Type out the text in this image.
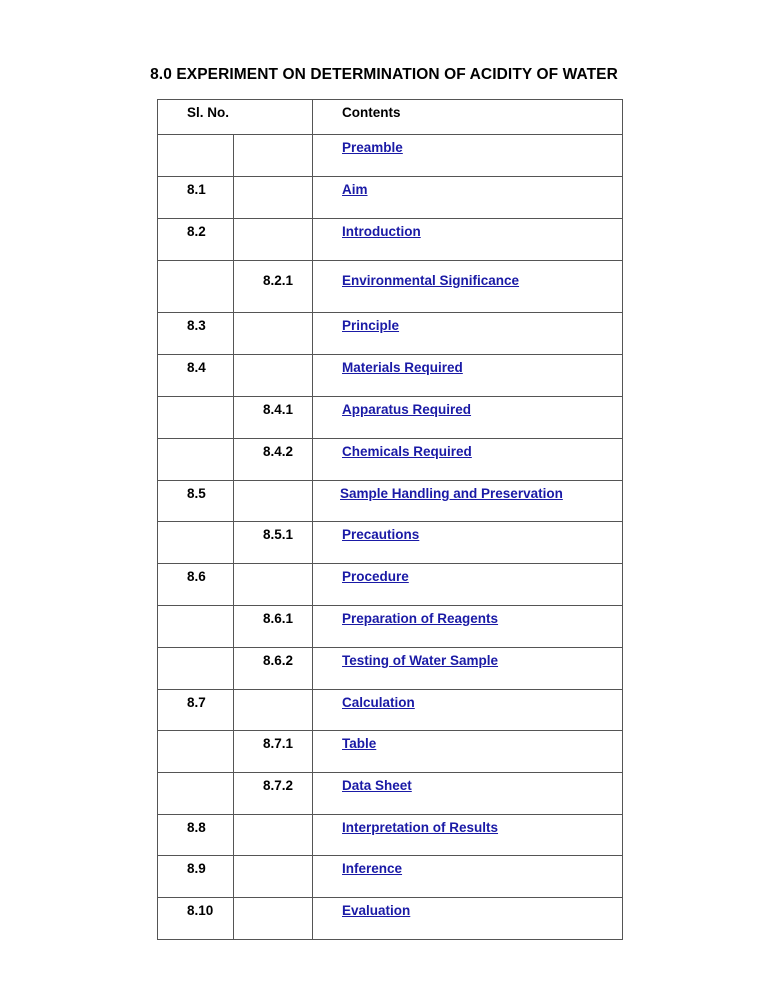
8.0 EXPERIMENT ON DETERMINATION OF ACIDITY OF WATER
Sl. No.		Contents
		Preamble
8.1		Aim
8.2		Introduction
	8.2.1	Environmental Significance
8.3		Principle
8.4		Materials Required
	8.4.1	Apparatus Required
	8.4.2	Chemicals Required
8.5		Sample Handling and Preservation
	8.5.1	Precautions
8.6		Procedure
	8.6.1	Preparation of Reagents
	8.6.2	Testing of Water Sample
8.7		Calculation
	8.7.1	Table
	8.7.2	Data Sheet
8.8		Interpretation of Results
8.9		Inference
8.10		Evaluation
